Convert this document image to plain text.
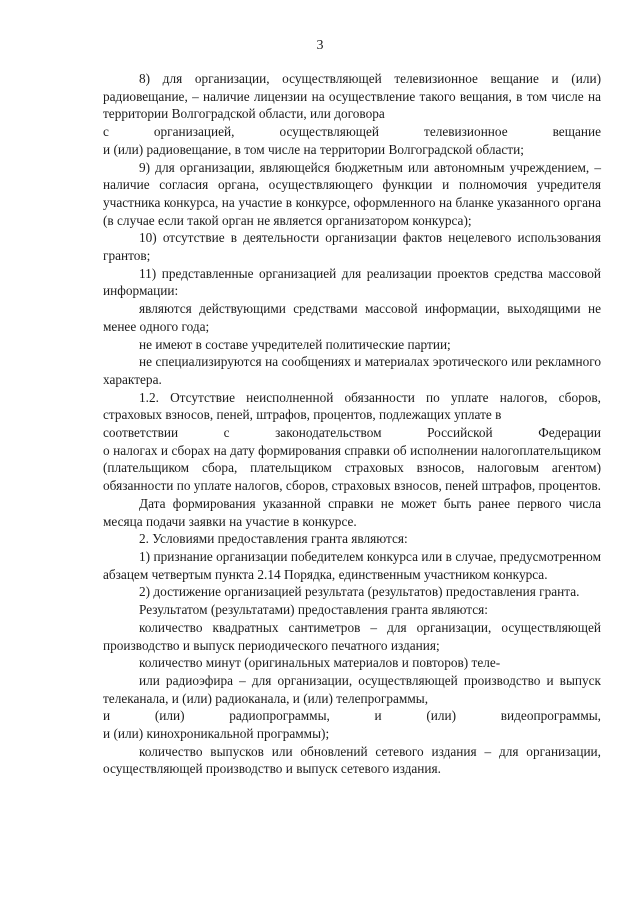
3

8) для организации, осуществляющей телевизионное вещание и (или) радиовещание, – наличие лицензии на осуществление такого вещания, в том числе на территории Волгоградской области, или договора

с организацией, осуществляющей телевизионное вещание

и (или) радиовещание, в том числе на территории Волгоградской области;

9) для организации, являющейся бюджетным или автономным учреждением, – наличие согласия органа, осуществляющего функции и полномочия учредителя участника конкурса, на участие в конкурсе, оформленного на бланке указанного органа (в случае если такой орган не является организатором конкурса);

10) отсутствие в деятельности организации фактов нецелевого использования грантов;

11) представленные организацией для реализации проектов средства массовой информации:

являются действующими средствами массовой информации, выходящими не менее одного года;

не имеют в составе учредителей политические партии;

не специализируются на сообщениях и материалах эротического или рекламного характера.

1.2. Отсутствие неисполненной обязанности по уплате налогов, сборов, страховых взносов, пеней, штрафов, процентов, подлежащих уплате в

соответствии с законодательством Российской Федерации

о налогах и сборах на дату формирования справки об исполнении налогоплательщиком (плательщиком сбора, плательщиком страховых взносов, налоговым агентом) обязанности по уплате налогов, сборов, страховых взносов, пеней штрафов, процентов.

Дата формирования указанной справки не может быть ранее первого числа месяца подачи заявки на участие в конкурсе.

2. Условиями предоставления гранта являются:

1) признание организации победителем конкурса или в случае, предусмотренном абзацем четвертым пункта 2.14 Порядка, единственным участником конкурса.

2) достижение организацией результата (результатов) предоставления гранта.

Результатом (результатами) предоставления гранта являются:

количество квадратных сантиметров – для организации, осуществляющей производство и выпуск периодического печатного издания;

количество минут (оригинальных материалов и повторов) теле-

или радиоэфира – для организации, осуществляющей производство и выпуск телеканала, и (или) радиоканала, и (или) телепрограммы,

и (или) радиопрограммы, и (или) видеопрограммы,

и (или) кинохроникальной программы);

количество выпусков или обновлений сетевого издания – для организации, осуществляющей производство и выпуск сетевого издания.
